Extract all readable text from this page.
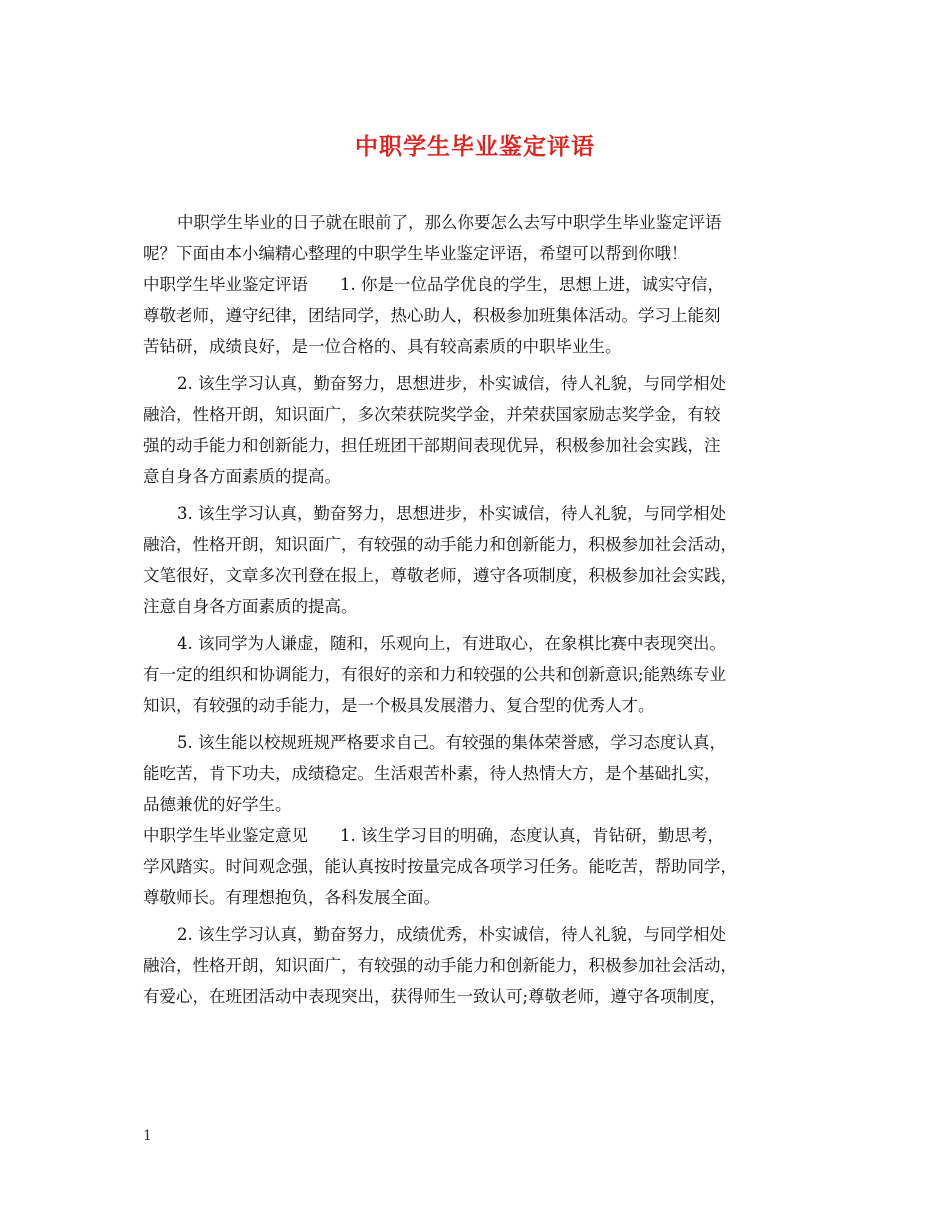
中职学生毕业鉴定评语

中职学生毕业的日子就在眼前了，那么你要怎么去写中职学生毕业鉴定评语
呢？下面由本小编精心整理的中职学生毕业鉴定评语，希望可以帮到你哦！

中职学生毕业鉴定评语 1. 你是一位品学优良的学生，思想上进，诚实守信，
尊敬老师，遵守纪律，团结同学，热心助人，积极参加班集体活动。学习上能刻
苦钻研，成绩良好，是一位合格的、具有较高素质的中职毕业生。

2. 该生学习认真，勤奋努力，思想进步，朴实诚信，待人礼貌，与同学相处
融洽，性格开朗，知识面广，多次荣获院奖学金，并荣获国家励志奖学金，有较
强的动手能力和创新能力，担任班团干部期间表现优异，积极参加社会实践，注
意自身各方面素质的提高。

3. 该生学习认真，勤奋努力，思想进步，朴实诚信，待人礼貌，与同学相处
融洽，性格开朗，知识面广，有较强的动手能力和创新能力，积极参加社会活动，
文笔很好，文章多次刊登在报上，尊敬老师，遵守各项制度，积极参加社会实践，
注意自身各方面素质的提高。

4. 该同学为人谦虚，随和，乐观向上，有进取心，在象棋比赛中表现突出。
有一定的组织和协调能力，有很好的亲和力和较强的公共和创新意识;能熟练专业
知识，有较强的动手能力，是一个极具发展潜力、复合型的优秀人才。

5. 该生能以校规班规严格要求自己。有较强的集体荣誉感，学习态度认真，
能吃苦，肯下功夫，成绩稳定。生活艰苦朴素，待人热情大方，是个基础扎实，
品德兼优的好学生。

中职学生毕业鉴定意见 1. 该生学习目的明确，态度认真，肯钻研，勤思考，
学风踏实。时间观念强，能认真按时按量完成各项学习任务。能吃苦，帮助同学，
尊敬师长。有理想抱负，各科发展全面。

2. 该生学习认真，勤奋努力，成绩优秀，朴实诚信，待人礼貌，与同学相处
融洽，性格开朗，知识面广，有较强的动手能力和创新能力，积极参加社会活动，
有爱心，在班团活动中表现突出，获得师生一致认可;尊敬老师，遵守各项制度，

1
